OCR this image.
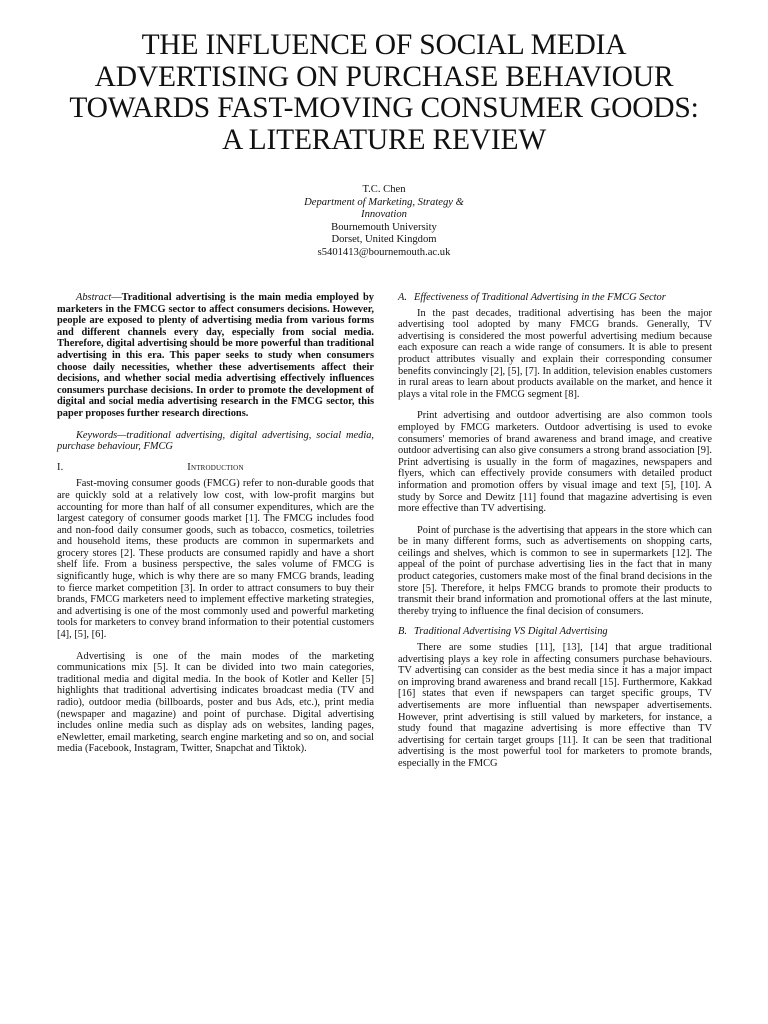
THE INFLUENCE OF SOCIAL MEDIA ADVERTISING ON PURCHASE BEHAVIOUR TOWARDS FAST-MOVING CONSUMER GOODS: A LITERATURE REVIEW
T.C. Chen
Department of Marketing, Strategy &
Innovation
Bournemouth University
Dorset, United Kingdom
s5401413@bournemouth.ac.uk

Abstract—Traditional advertising is the main media employed by marketers in the FMCG sector to affect consumers decisions. However, people are exposed to plenty of advertising media from various forms and different channels every day, especially from social media. Therefore, digital advertising should be more powerful than traditional advertising in this era. This paper seeks to study when consumers choose daily necessities, whether these advertisements affect their decisions, and whether social media advertising effectively influences consumers purchase decisions. In order to promote the development of digital and social media advertising research in the FMCG sector, this paper proposes further research directions.

Keywords—traditional advertising, digital advertising, social media, purchase behaviour, FMCG

I.	Introduction

Fast-moving consumer goods (FMCG) refer to non-durable goods that are quickly sold at a relatively low cost, with low-profit margins but accounting for more than half of all consumer expenditures, which are the largest category of consumer goods market [1]. The FMCG includes food and non-food daily consumer goods, such as tobacco, cosmetics, toiletries and household items, these products are common in supermarkets and grocery stores [2]. These products are consumed rapidly and have a short shelf life. From a business perspective, the sales volume of FMCG is significantly huge, which is why there are so many FMCG brands, leading to fierce market competition [3]. In order to attract consumers to buy their brands, FMCG marketers need to implement effective marketing strategies, and advertising is one of the most commonly used and powerful marketing tools for marketers to convey brand information to their potential customers [4], [5], [6].

Advertising is one of the main modes of the marketing communications mix [5]. It can be divided into two main categories, traditional media and digital media. In the book of Kotler and Keller [5] highlights that traditional advertising indicates broadcast media (TV and radio), outdoor media (billboards, poster and bus Ads, etc.), print media (newspaper and magazine) and point of purchase. Digital advertising includes online media such as display ads on websites, landing pages, eNewletter, email marketing, search engine marketing and so on, and social media (Facebook, Instagram, Twitter, Snapchat and Tiktok).

A. Effectiveness of Traditional Advertising in the FMCG Sector

In the past decades, traditional advertising has been the major advertising tool adopted by many FMCG brands. Generally, TV advertising is considered the most powerful advertising medium because each exposure can reach a wide range of consumers. It is able to present product attributes visually and explain their corresponding consumer benefits convincingly [2], [5], [7]. In addition, television enables customers in rural areas to learn about products available on the market, and hence it plays a vital role in the FMCG segment [8].

Print advertising and outdoor advertising are also common tools employed by FMCG marketers. Outdoor advertising is used to evoke consumers' memories of brand awareness and brand image, and creative outdoor advertising can also give consumers a strong brand association [9]. Print advertising is usually in the form of magazines, newspapers and flyers, which can effectively provide consumers with detailed product information and promotion offers by visual image and text [5], [10]. A study by Sorce and Dewitz [11] found that magazine advertising is even more effective than TV advertising.

Point of purchase is the advertising that appears in the store which can be in many different forms, such as advertisements on shopping carts, ceilings and shelves, which is common to see in supermarkets [12]. The appeal of the point of purchase advertising lies in the fact that in many product categories, customers make most of the final brand decisions in the store [5]. Therefore, it helps FMCG brands to promote their products to transmit their brand information and promotional offers at the last minute, thereby trying to influence the final decision of consumers.

B. Traditional Advertising VS Digital Advertising

There are some studies [11], [13], [14] that argue traditional advertising plays a key role in affecting consumers purchase behaviours. TV advertising can consider as the best media since it has a major impact on improving brand awareness and brand recall [15]. Furthermore, Kakkad [16] states that even if newspapers can target specific groups, TV advertisements are more influential than newspaper advertisements. However, print advertising is still valued by marketers, for instance, a study found that magazine advertising is more effective than TV advertising for certain target groups [11]. It can be seen that traditional advertising is the most powerful tool for marketers to promote brands, especially in the FMCG
